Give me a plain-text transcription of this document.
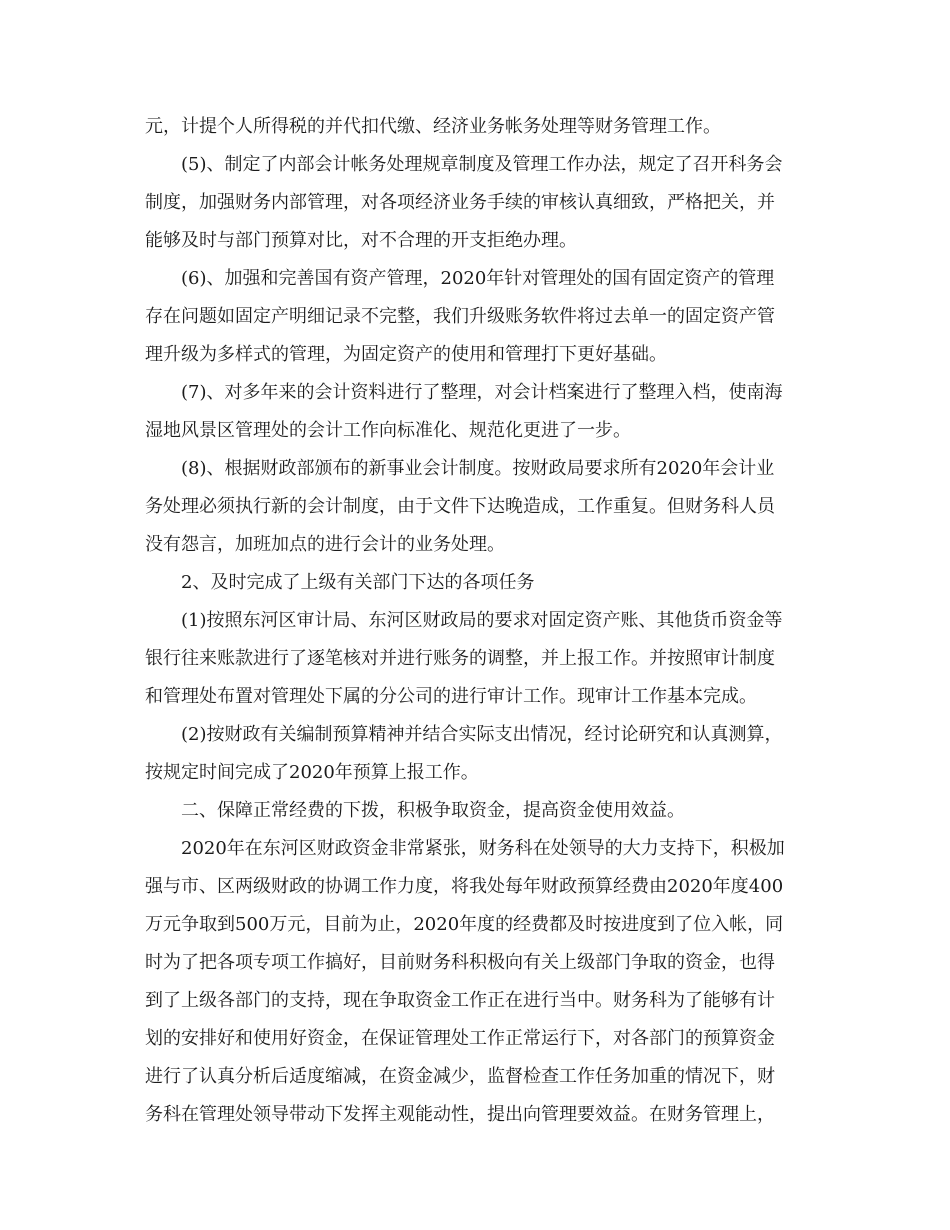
元，计提个人所得税的并代扣代缴、经济业务帐务处理等财务管理工作。
(5)、制定了内部会计帐务处理规章制度及管理工作办法，规定了召开科务会
制度，加强财务内部管理，对各项经济业务手续的审核认真细致，严格把关，并
能够及时与部门预算对比，对不合理的开支拒绝办理。
(6)、加强和完善国有资产管理，2020年针对管理处的国有固定资产的管理
存在问题如固定产明细记录不完整，我们升级账务软件将过去单一的固定资产管
理升级为多样式的管理，为固定资产的使用和管理打下更好基础。
(7)、对多年来的会计资料进行了整理，对会计档案进行了整理入档，使南海
湿地风景区管理处的会计工作向标准化、规范化更进了一步。
(8)、根据财政部颁布的新事业会计制度。按财政局要求所有2020年会计业
务处理必须执行新的会计制度，由于文件下达晚造成，工作重复。但财务科人员
没有怨言，加班加点的进行会计的业务处理。
2、及时完成了上级有关部门下达的各项任务
(1)按照东河区审计局、东河区财政局的要求对固定资产账、其他货币资金等
银行往来账款进行了逐笔核对并进行账务的调整，并上报工作。并按照审计制度
和管理处布置对管理处下属的分公司的进行审计工作。现审计工作基本完成。
(2)按财政有关编制预算精神并结合实际支出情况，经讨论研究和认真测算，
按规定时间完成了2020年预算上报工作。
二、保障正常经费的下拨，积极争取资金，提高资金使用效益。
2020年在东河区财政资金非常紧张，财务科在处领导的大力支持下，积极加
强与市、区两级财政的协调工作力度，将我处每年财政预算经费由2020年度400
万元争取到500万元，目前为止，2020年度的经费都及时按进度到了位入帐，同
时为了把各项专项工作搞好，目前财务科积极向有关上级部门争取的资金，也得
到了上级各部门的支持，现在争取资金工作正在进行当中。财务科为了能够有计
划的安排好和使用好资金，在保证管理处工作正常运行下，对各部门的预算资金
进行了认真分析后适度缩减，在资金减少，监督检查工作任务加重的情况下，财
务科在管理处领导带动下发挥主观能动性，提出向管理要效益。在财务管理上，
